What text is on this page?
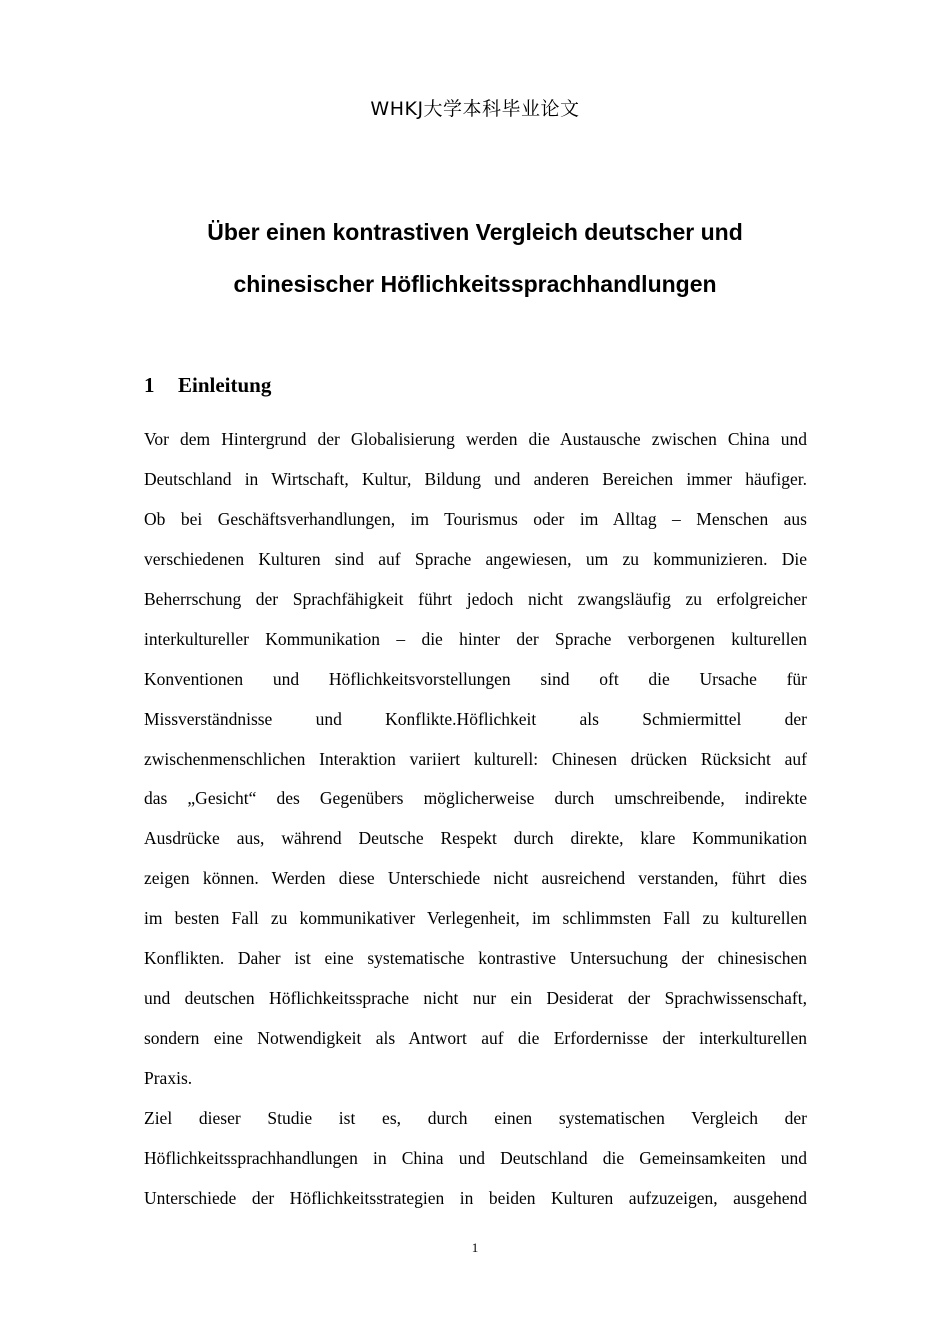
WHKJ大学本科毕业论文
Über einen kontrastiven Vergleich deutscher und
chinesischer Höflichkeitssprachhandlungen
1 Einleitung
Vor dem Hintergrund der Globalisierung werden die Austausche zwischen China und
Deutschland in Wirtschaft, Kultur, Bildung und anderen Bereichen immer häufiger.
Ob bei Geschäftsverhandlungen, im Tourismus oder im Alltag – Menschen aus
verschiedenen Kulturen sind auf Sprache angewiesen, um zu kommunizieren. Die
Beherrschung der Sprachfähigkeit führt jedoch nicht zwangsläufig zu erfolgreicher
interkultureller Kommunikation – die hinter der Sprache verborgenen kulturellen
Konventionen und Höflichkeitsvorstellungen sind oft die Ursache für
Missverständnisse und Konflikte.Höflichkeit als Schmiermittel der
zwischenmenschlichen Interaktion variiert kulturell: Chinesen drücken Rücksicht auf
das „Gesicht“ des Gegenübers möglicherweise durch umschreibende, indirekte
Ausdrücke aus, während Deutsche Respekt durch direkte, klare Kommunikation
zeigen können. Werden diese Unterschiede nicht ausreichend verstanden, führt dies
im besten Fall zu kommunikativer Verlegenheit, im schlimmsten Fall zu kulturellen
Konflikten. Daher ist eine systematische kontrastive Untersuchung der chinesischen
und deutschen Höflichkeitssprache nicht nur ein Desiderat der Sprachwissenschaft,
sondern eine Notwendigkeit als Antwort auf die Erfordernisse der interkulturellen
Praxis.
Ziel dieser Studie ist es, durch einen systematischen Vergleich der
Höflichkeitssprachhandlungen in China und Deutschland die Gemeinsamkeiten und
Unterschiede der Höflichkeitsstrategien in beiden Kulturen aufzuzeigen, ausgehend
1
